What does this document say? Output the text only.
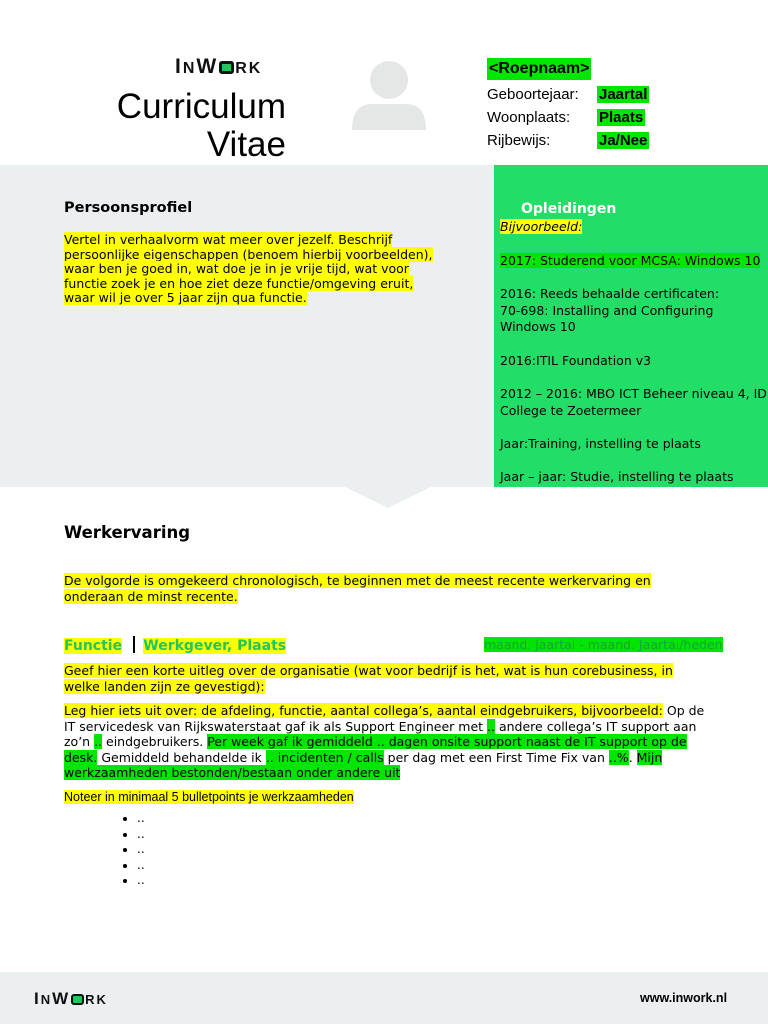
INW RK
Curriculum
Vitae
<Roepnaam>
Geboortejaar:	Jaartal
Woonplaats:	Plaats
Rijbewijs:	Ja/Nee
Persoonsprofiel
Vertel in verhaalvorm wat meer over jezelf. Beschrijf
persoonlijke eigenschappen (benoem hierbij voorbeelden),
waar ben je goed in, wat doe je in je vrije tijd, wat voor
functie zoek je en hoe ziet deze functie/omgeving eruit,
waar wil je over 5 jaar zijn qua functie.
Opleidingen

Bijvoorbeeld:

2017: Studerend voor MCSA: Windows 10

2016: Reeds behaalde certificaten:

70-698: Installing and Configuring

Windows 10

2016:ITIL Foundation v3

2012 – 2016: MBO ICT Beheer niveau 4, ID

College te Zoetermeer

Jaar:Training, instelling te plaats

Jaar – jaar: Studie, instelling te plaats

Werkervaring
De volgorde is omgekeerd chronologisch, te beginnen met de meest recente werkervaring en
onderaan de minst recente.
Functie Werkgever, Plaats	maand. jaartal - maand. Jaartal/heden
Geef hier een korte uitleg over de organisatie (wat voor bedrijf is het, wat is hun corebusiness, in
welke landen zijn ze gevestigd):
Leg hier iets uit over: de afdeling, functie, aantal collega’s, aantal eindgebruikers, bijvoorbeeld: Op de
IT servicedesk van Rijkswaterstaat gaf ik als Support Engineer met .. andere collega’s IT support aan
zo’n .. eindgebruikers. Per week gaf ik gemiddeld .. dagen onsite support naast de IT support op de
desk. Gemiddeld behandelde ik .. incidenten / calls per dag met een First Time Fix van ..%. Mijn
werkzaamheden bestonden/bestaan onder andere uit
Noteer in minimaal 5 bulletpoints je werkzaamheden
• ..
• ..
• ..
• ..
• ..
INW RK	www.inwork.nl
